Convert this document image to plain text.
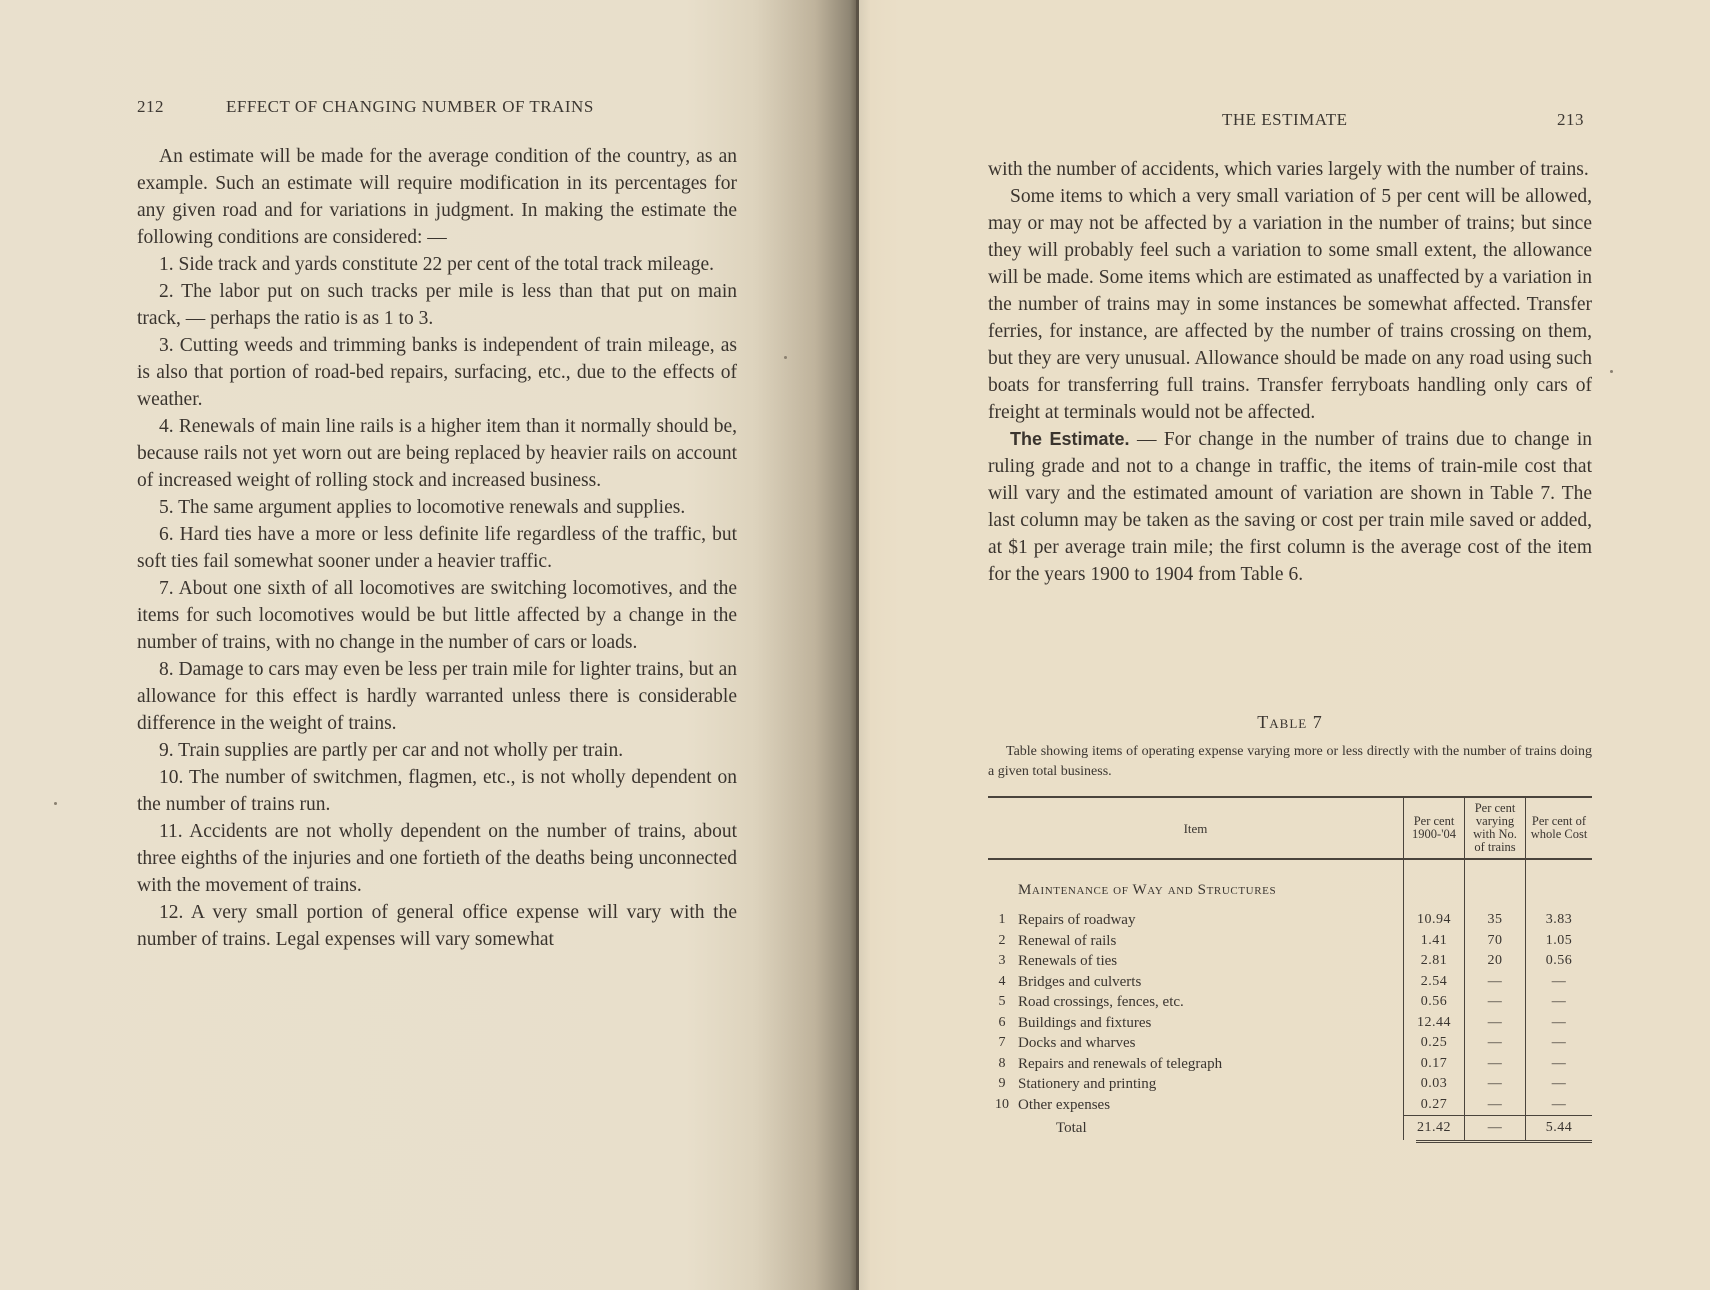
212	EFFECT OF CHANGING NUMBER OF TRAINS

An estimate will be made for the average condition of the country, as an example. Such an estimate will require modification in its percentages for any given road and for variations in judgment. In making the estimate the following conditions are considered: —

1. Side track and yards constitute 22 per cent of the total track mileage.

2. The labor put on such tracks per mile is less than that put on main track, — perhaps the ratio is as 1 to 3.

3. Cutting weeds and trimming banks is independent of train mileage, as is also that portion of road-bed repairs, surfacing, etc., due to the effects of weather.

4. Renewals of main line rails is a higher item than it normally should be, because rails not yet worn out are being replaced by heavier rails on account of increased weight of rolling stock and increased business.

5. The same argument applies to locomotive renewals and supplies.

6. Hard ties have a more or less definite life regardless of the traffic, but soft ties fail somewhat sooner under a heavier traffic.

7. About one sixth of all locomotives are switching locomotives, and the items for such locomotives would be but little affected by a change in the number of trains, with no change in the number of cars or loads.

8. Damage to cars may even be less per train mile for lighter trains, but an allowance for this effect is hardly warranted unless there is considerable difference in the weight of trains.

9. Train supplies are partly per car and not wholly per train.

10. The number of switchmen, flagmen, etc., is not wholly dependent on the number of trains run.

11. Accidents are not wholly dependent on the number of trains, about three eighths of the injuries and one fortieth of the deaths being unconnected with the movement of trains.

12. A very small portion of general office expense will vary with the number of trains. Legal expenses will vary somewhat

THE ESTIMATE	213

with the number of accidents, which varies largely with the number of trains.

Some items to which a very small variation of 5 per cent will be allowed, may or may not be affected by a variation in the number of trains; but since they will probably feel such a variation to some small extent, the allowance will be made. Some items which are estimated as unaffected by a variation in the number of trains may in some instances be somewhat affected. Transfer ferries, for instance, are affected by the number of trains crossing on them, but they are very unusual. Allowance should be made on any road using such boats for transferring full trains. Transfer ferryboats handling only cars of freight at terminals would not be affected.

The Estimate. — For change in the number of trains due to change in ruling grade and not to a change in traffic, the items of train-mile cost that will vary and the estimated amount of variation are shown in Table 7. The last column may be taken as the saving or cost per train mile saved or added, at $1 per average train mile; the first column is the average cost of the item for the years 1900 to 1904 from Table 6.

Table 7
Table showing items of operating expense varying more or less directly with the number of trains doing a given total business.
Item		Per cent 1900-'04	Per cent varying with No. of trains	Per cent of whole Cost
Maintenance of Way and Structures				
1	Repairs of roadway	10.94	35	3.83
2	Renewal of rails	1.41	70	1.05
3	Renewals of ties	2.81	20	0.56
4	Bridges and culverts	2.54	—	—
5	Road crossings, fences, etc.	0.56	—	—
6	Buildings and fixtures	12.44	—	—
7	Docks and wharves	0.25	—	—
8	Repairs and renewals of telegraph	0.17	—	—
9	Stationery and printing	0.03	—	—
10	Other expenses	0.27	—	—
Total		21.42	—	5.44
